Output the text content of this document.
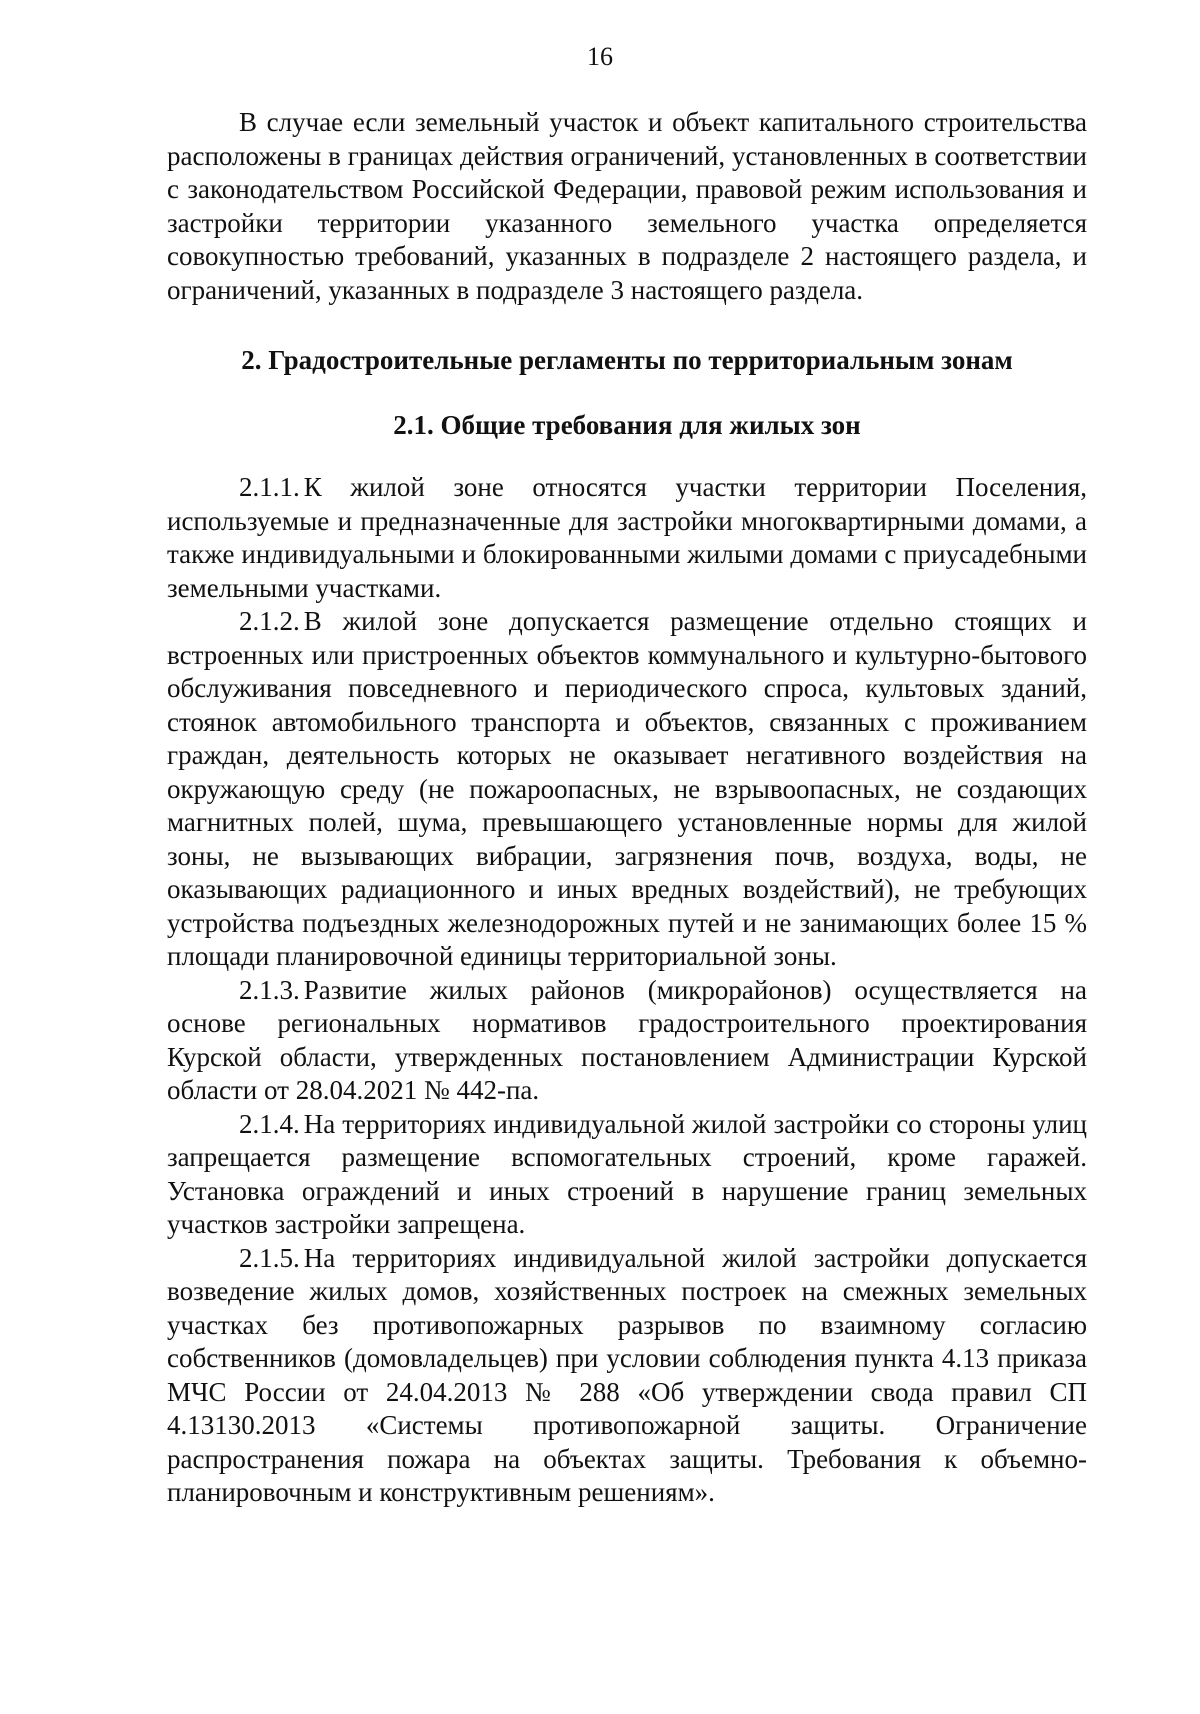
16

В случае если земельный участок и объект капитального строительства расположены в границах действия ограничений, установленных в соответствии с законодательством Российской Федерации, правовой режим использования и застройки территории указанного земельного участка определяется совокупностью требований, указанных в подразделе 2 настоящего раздела, и ограничений, указанных в подразделе 3 настоящего раздела.

2. Градостроительные регламенты по территориальным зонам
2.1. Общие требования для жилых зон

2.1.1. К жилой зоне относятся участки территории Поселения, используемые и предназначенные для застройки многоквартирными домами, а также индивидуальными и блокированными жилыми домами с приусадебными земельными участками.

2.1.2. В жилой зоне допускается размещение отдельно стоящих и встроенных или пристроенных объектов коммунального и культурно-бытового обслуживания повседневного и периодического спроса, культовых зданий, стоянок автомобильного транспорта и объектов, связанных с проживанием граждан, деятельность которых не оказывает негативного воздействия на окружающую среду (не пожароопасных, не взрывоопасных, не создающих магнитных полей, шума, превышающего установленные нормы для жилой зоны, не вызывающих вибрации, загрязнения почв, воздуха, воды, не оказывающих радиационного и иных вредных воздействий), не требующих устройства подъездных железнодорожных путей и не занимающих более 15 % площади планировочной единицы территориальной зоны.

2.1.3. Развитие жилых районов (микрорайонов) осуществляется на основе региональных нормативов градостроительного проектирования Курской области, утвержденных постановлением Администрации Курской области от 28.04.2021 № 442-па.

2.1.4. На территориях индивидуальной жилой застройки со стороны улиц запрещается размещение вспомогательных строений, кроме гаражей. Установка ограждений и иных строений в нарушение границ земельных участков застройки запрещена.

2.1.5. На территориях индивидуальной жилой застройки допускается возведение жилых домов, хозяйственных построек на смежных земельных участках без противопожарных разрывов по взаимному согласию собственников (домовладельцев) при условии соблюдения пункта 4.13 приказа МЧС России от 24.04.2013 № 288 «Об утверждении свода правил СП 4.13130.2013 «Системы противопожарной защиты. Ограничение распространения пожара на объектах защиты. Требования к объемно-планировочным и конструктивным решениям».
